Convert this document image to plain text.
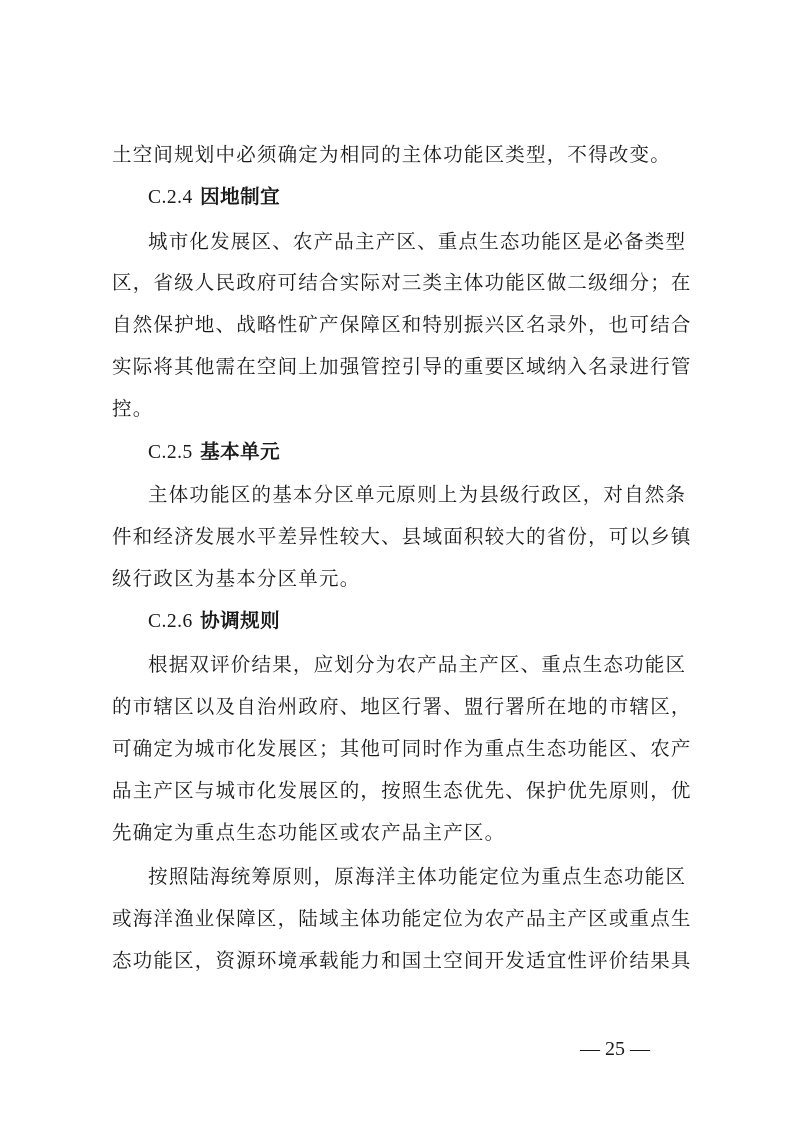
土空间规划中必须确定为相同的主体功能区类型，不得改变。
C.2.4 因地制宜
城市化发展区、农产品主产区、重点生态功能区是必备类型
区，省级人民政府可结合实际对三类主体功能区做二级细分；在
自然保护地、战略性矿产保障区和特别振兴区名录外，也可结合
实际将其他需在空间上加强管控引导的重要区域纳入名录进行管
控。
C.2.5 基本单元
主体功能区的基本分区单元原则上为县级行政区，对自然条
件和经济发展水平差异性较大、县域面积较大的省份，可以乡镇
级行政区为基本分区单元。
C.2.6 协调规则
根据双评价结果，应划分为农产品主产区、重点生态功能区
的市辖区以及自治州政府、地区行署、盟行署所在地的市辖区，
可确定为城市化发展区；其他可同时作为重点生态功能区、农产
品主产区与城市化发展区的，按照生态优先、保护优先原则，优
先确定为重点生态功能区或农产品主产区。
按照陆海统筹原则，原海洋主体功能定位为重点生态功能区
或海洋渔业保障区，陆域主体功能定位为农产品主产区或重点生
态功能区，资源环境承载能力和国土空间开发适宜性评价结果具
— 25 —
